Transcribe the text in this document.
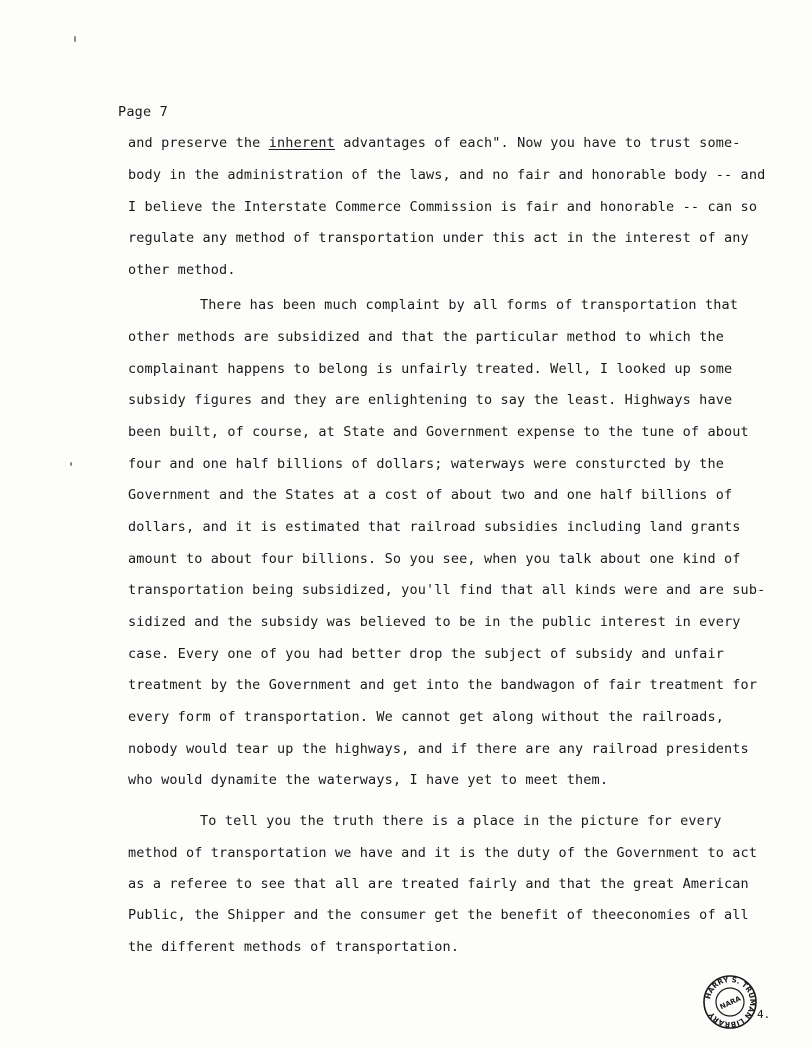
Page 7
and preserve the inherent advantages of each". Now you have to trust some-
body in the administration of the laws, and no fair and honorable body -- and
I believe the Interstate Commerce Commission is fair and honorable -- can so
regulate any method of transportation under this act in the interest of any
other method.
There has been much complaint by all forms of transportation that
other methods are subsidized and that the particular method to which the
complainant happens to belong is unfairly treated. Well, I looked up some
subsidy figures and they are enlightening to say the least. Highways have
been built, of course, at State and Government expense to the tune of about
four and one half billions of dollars; waterways were consturcted by the
Government and the States at a cost of about two and one half billions of
dollars, and it is estimated that railroad subsidies including land grants
amount to about four billions. So you see, when you talk about one kind of
transportation being subsidized, you'll find that all kinds were and are sub-
sidized and the subsidy was believed to be in the public interest in every
case. Every one of you had better drop the subject of subsidy and unfair
treatment by the Government and get into the bandwagon of fair treatment for
every form of transportation. We cannot get along without the railroads,
nobody would tear up the highways, and if there are any railroad presidents
who would dynamite the waterways, I have yet to meet them.
To tell you the truth there is a place in the picture for every
method of transportation we have and it is the duty of the Government to act
as a referee to see that all are treated fairly and that the great American
Public, the Shipper and the consumer get the benefit of theeconomies of all
the different methods of transportation.
HARRY S. TRUMAN LIBRARY
NARA
4.
